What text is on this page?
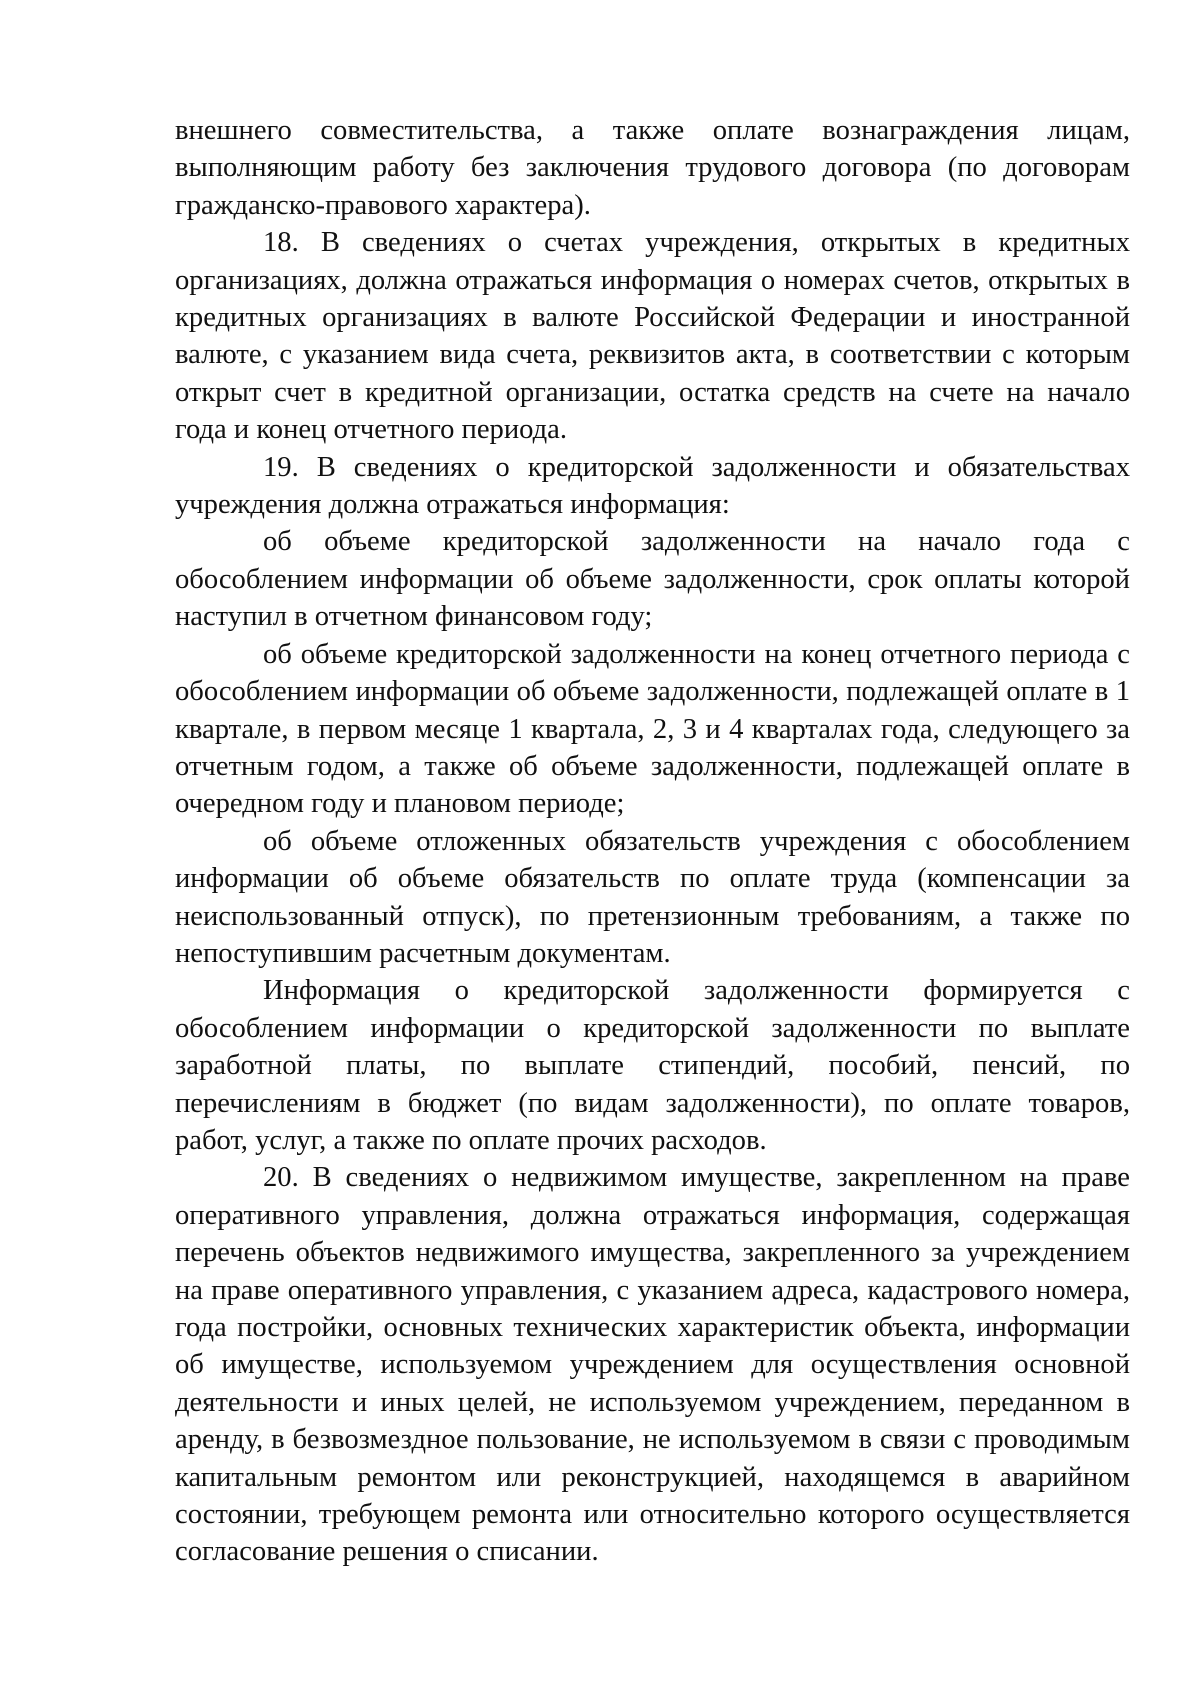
внешнего совместительства, а также оплате вознаграждения лицам, выполняющим работу без заключения трудового договора (по договорам гражданско-правового характера).

18. В сведениях о счетах учреждения, открытых в кредитных организациях, должна отражаться информация о номерах счетов, открытых в кредитных организациях в валюте Российской Федерации и иностранной валюте, с указанием вида счета, реквизитов акта, в соответствии с которым открыт счет в кредитной организации, остатка средств на счете на начало года и конец отчетного периода.

19. В сведениях о кредиторской задолженности и обязательствах учреждения должна отражаться информация:

об объеме кредиторской задолженности на начало года с обособлением информации об объеме задолженности, срок оплаты которой наступил в отчетном финансовом году;

об объеме кредиторской задолженности на конец отчетного периода с обособлением информации об объеме задолженности, подлежащей оплате в 1 квартале, в первом месяце 1 квартала, 2, 3 и 4 кварталах года, следующего за отчетным годом, а также об объеме задолженности, подлежащей оплате в очередном году и плановом периоде;

об объеме отложенных обязательств учреждения с обособлением информации об объеме обязательств по оплате труда (компенсации за неиспользованный отпуск), по претензионным требованиям, а также по непоступившим расчетным документам.

Информация о кредиторской задолженности формируется с обособлением информации о кредиторской задолженности по выплате заработной платы, по выплате стипендий, пособий, пенсий, по перечислениям в бюджет (по видам задолженности), по оплате товаров, работ, услуг, а также по оплате прочих расходов.

20. В сведениях о недвижимом имуществе, закрепленном на праве оперативного управления, должна отражаться информация, содержащая перечень объектов недвижимого имущества, закрепленного за учреждением на праве оперативного управления, с указанием адреса, кадастрового номера, года постройки, основных технических характеристик объекта, информации об имуществе, используемом учреждением для осуществления основной деятельности и иных целей, не используемом учреждением, переданном в аренду, в безвозмездное пользование, не используемом в связи с проводимым капитальным ремонтом или реконструкцией, находящемся в аварийном состоянии, требующем ремонта или относительно которого осуществляется согласование решения о списании.
